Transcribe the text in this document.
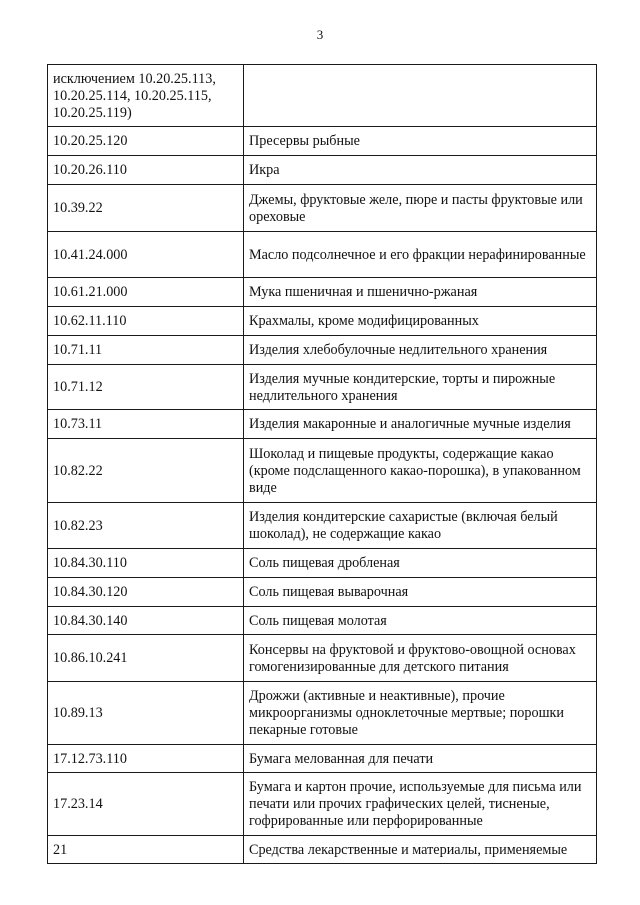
3
исключением 10.20.25.113,
10.20.25.114, 10.20.25.115,
10.20.25.119)	
10.20.25.120	Пресервы рыбные
10.20.26.110	Икра
10.39.22	Джемы, фруктовые желе, пюре и пасты фруктовые или ореховые
10.41.24.000	Масло подсолнечное и его фракции нерафинированные
10.61.21.000	Мука пшеничная и пшенично-ржаная
10.62.11.110	Крахмалы, кроме модифицированных
10.71.11	Изделия хлебобулочные недлительного хранения
10.71.12	Изделия мучные кондитерские, торты и пирожные недлительного хранения
10.73.11	Изделия макаронные и аналогичные мучные изделия
10.82.22	Шоколад и пищевые продукты, содержащие какао (кроме подслащенного какао-порошка), в упакованном виде
10.82.23	Изделия кондитерские сахаристые (включая белый шоколад), не содержащие какао
10.84.30.110	Соль пищевая дробленая
10.84.30.120	Соль пищевая выварочная
10.84.30.140	Соль пищевая молотая
10.86.10.241	Консервы на фруктовой и фруктово-овощной основах гомогенизированные для детского питания
10.89.13	Дрожжи (активные и неактивные), прочие микроорганизмы одноклеточные мертвые; порошки пекарные готовые
17.12.73.110	Бумага мелованная для печати
17.23.14	Бумага и картон прочие, используемые для письма или печати или прочих графических целей, тисненые, гофрированные или перфорированные
21	Средства лекарственные и материалы, применяемые
